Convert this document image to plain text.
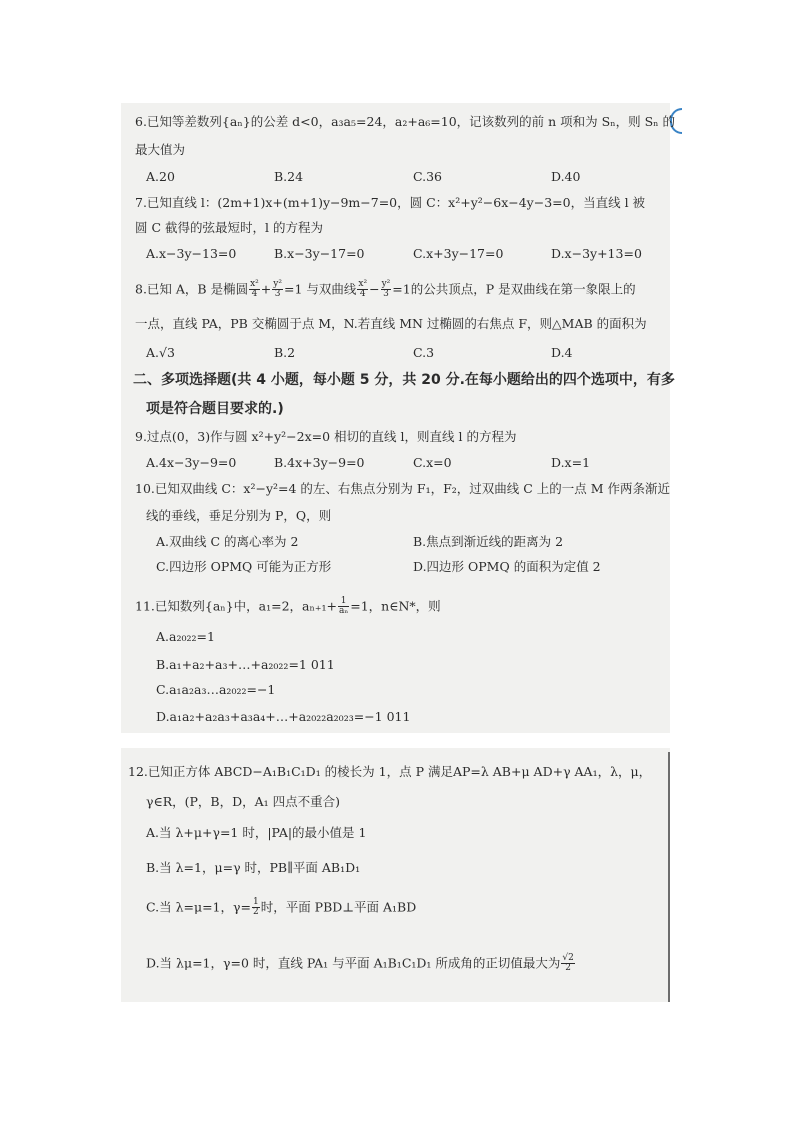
6.已知等差数列{aₙ}的公差 d<0，a₃a₅=24，a₂+a₆=10，记该数列的前 n 项和为 Sₙ，则 Sₙ 的
最大值为
A.20	B.24	C.36	D.40
7.已知直线 l：(2m+1)x+(m+1)y−9m−7=0，圆 C：x²+y²−6x−4y−3=0，当直线 l 被
圆 C 截得的弦最短时，l 的方程为
A.x−3y−13=0	B.x−3y−17=0	C.x+3y−17=0	D.x−3y+13=0
8.已知 A，B 是椭圆 $\frac{\text{x²}}{4} + \frac{\text{y²}}{3} =1$ 与双曲线 $\frac{\text{x²}}{4} - \frac{\text{y²}}{3} =1$的公共顶点，P 是双曲线在第一象限上的
一点，直线 PA，PB 交椭圆于点 M，N.若直线 MN 过椭圆的右焦点 F，则△MAB 的面积为
A.√3	B.2	C.3	D.4
二、多项选择题(共 4 小题，每小题 5 分，共 20 分.在每小题给出的四个选项中，有多
项是符合题目要求的.)
9.过点(0，3)作与圆 x²+y²−2x=0 相切的直线 l，则直线 l 的方程为
A.4x−3y−9=0	B.4x+3y−9=0	C.x=0	D.x=1
10.已知双曲线 C：x²−y²=4 的左、右焦点分别为 F₁，F₂，过双曲线 C 上的一点 M 作两条渐近
线的垂线，垂足分别为 P，Q，则
A.双曲线 C 的离心率为 2	B.焦点到渐近线的距离为 2
C.四边形 OPMQ 可能为正方形	D.四边形 OPMQ 的面积为定值 2
11.已知数列{aₙ}中，a₁=2，$a_{n+1}+ \frac{1}{\text{aₙ}} =1$，n∈N*，则
A.a₂₀₂₂=1
B.a₁+a₂+a₃+…+a₂₀₂₂=1 011
C.a₁a₂a₃…a₂₀₂₂=−1
D.a₁a₂+a₂a₃+a₃a₄+…+a₂₀₂₂a₂₀₂₃=−1 011
12.已知正方体 ABCD−A₁B₁C₁D₁ 的棱长为 1，点 P 满足AP=λ AB+μ AD+γ AA₁，λ，μ，
γ∈R，(P，B，D，A₁ 四点不重合)
A.当 λ+μ+γ=1 时，|PA|的最小值是 1
B.当 λ=1，μ=γ 时，PB∥平面 AB₁D₁
C.当 λ=μ=1，$\gamma= \frac{1}{2}$ 时，平面 PBD⊥平面 A₁BD
D.当 λμ=1，γ=0 时，直线 PA₁ 与平面 A₁B₁C₁D₁ 所成角的正切值最大为 $\frac{√2}{2}$
